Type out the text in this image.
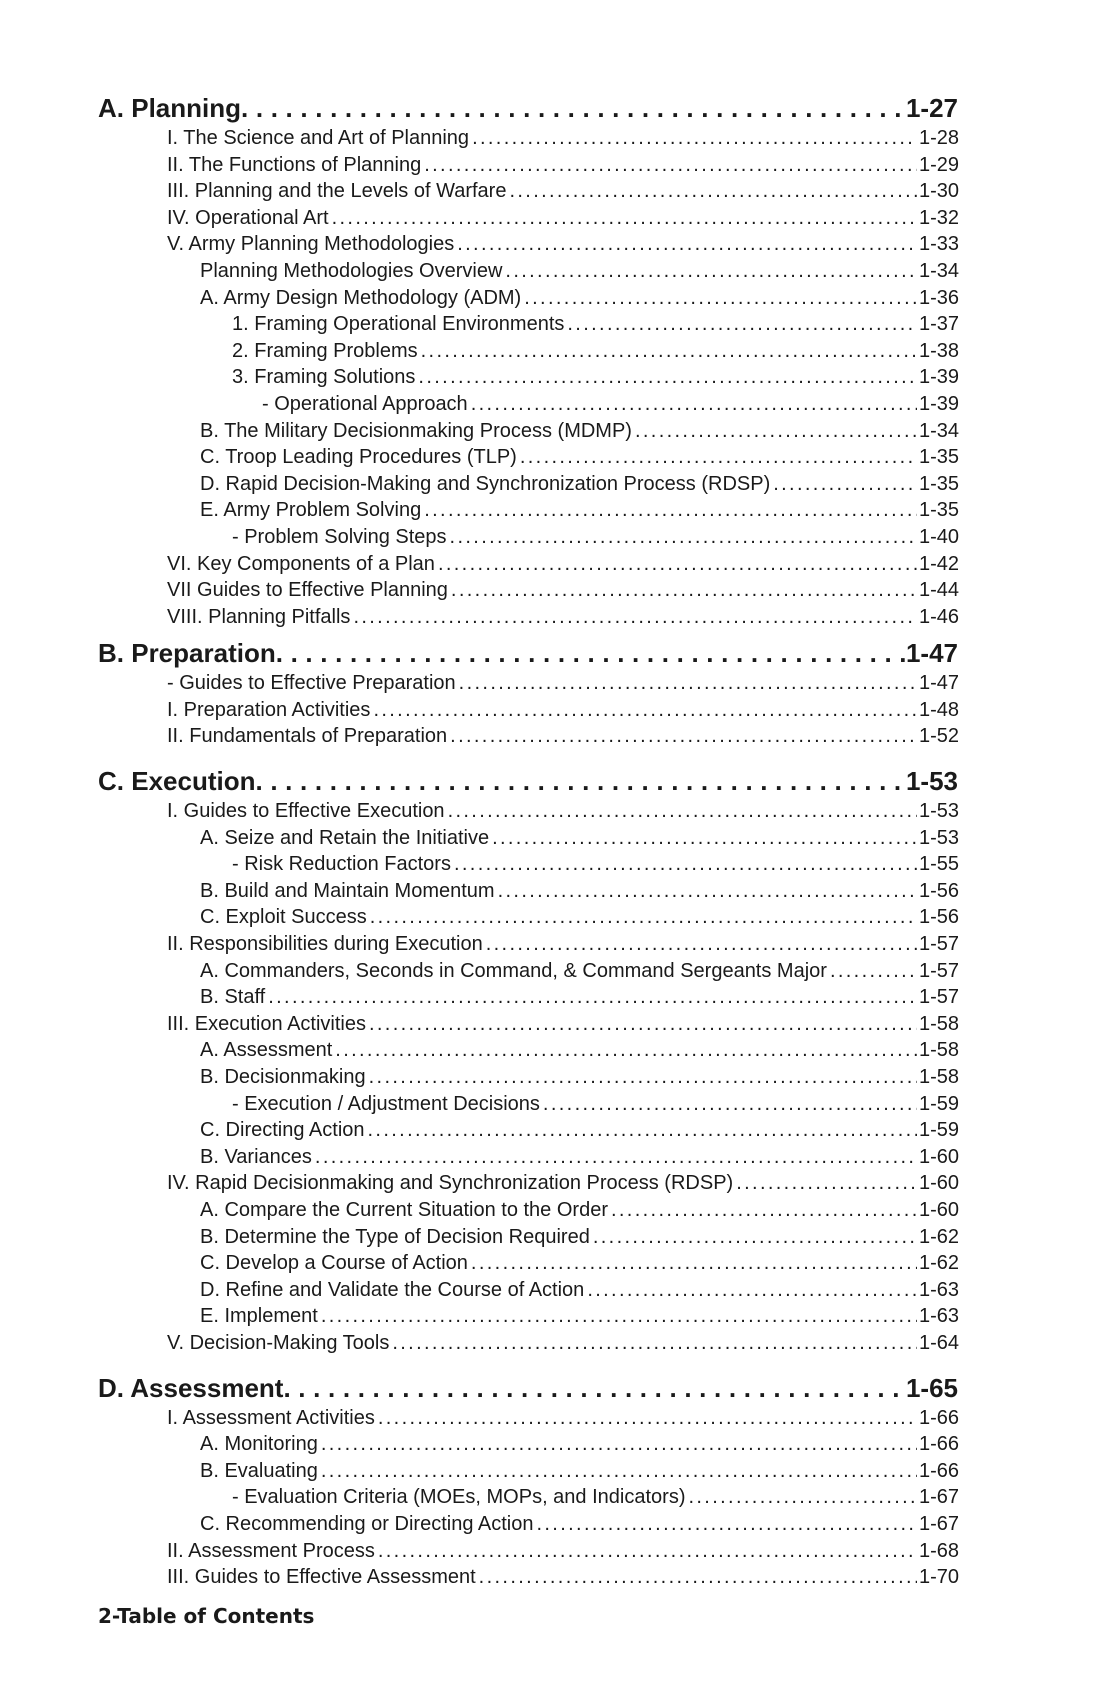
A. Planning . . .	1-27
I. The Science and Art of Planning . . .	1-28
II. The Functions of Planning . . .	1-29
III. Planning and the Levels of Warfare . . .	1-30
IV. Operational Art . . .	1-32
V. Army Planning Methodologies . . .	1-33
Planning Methodologies Overview . . .	1-34
A. Army Design Methodology (ADM) . . .	1-36
1. Framing Operational Environments . . .	1-37
2. Framing Problems . . .	1-38
3. Framing Solutions . . .	1-39
- Operational Approach . . .	1-39
B. The Military Decisionmaking Process (MDMP) . . .	1-34
C. Troop Leading Procedures (TLP) . . .	1-35
D. Rapid Decision-Making and Synchronization Process (RDSP) . . .	1-35
E. Army Problem Solving . . .	1-35
- Problem Solving Steps . . .	1-40
VI. Key Components of a Plan . . .	1-42
VII Guides to Effective Planning . . .	1-44
VIII. Planning Pitfalls . . .	1-46
B. Preparation . . .	1-47
- Guides to Effective Preparation . . .	1-47
I. Preparation Activities . . .	1-48
II. Fundamentals of Preparation . . .	1-52
C. Execution . . .	1-53
I. Guides to Effective Execution . . .	1-53
A. Seize and Retain the Initiative . . .	1-53
- Risk Reduction Factors . . .	1-55
B. Build and Maintain Momentum . . .	1-56
C. Exploit Success . . .	1-56
II. Responsibilities during Execution . . .	1-57
A. Commanders, Seconds in Command, & Command Sergeants Major . . .	1-57
B. Staff . . .	1-57
III. Execution Activities . . .	1-58
A. Assessment . . .	1-58
B. Decisionmaking . . .	1-58
- Execution / Adjustment Decisions . . .	1-59
C. Directing Action . . .	1-59
B. Variances . . .	1-60
IV. Rapid Decisionmaking and Synchronization Process (RDSP) . . .	1-60
A. Compare the Current Situation to the Order . . .	1-60
B. Determine the Type of Decision Required . . .	1-62
C. Develop a Course of Action . . .	1-62
D. Refine and Validate the Course of Action . . .	1-63
E. Implement . . .	1-63
V. Decision-Making Tools . . .	1-64
D. Assessment . . .	1-65
I. Assessment Activities . . .	1-66
A. Monitoring . . .	1-66
B. Evaluating . . .	1-66
- Evaluation Criteria (MOEs, MOPs, and Indicators) . . .	1-67
C. Recommending or Directing Action . . .	1-67
II. Assessment Process . . .	1-68
III. Guides to Effective Assessment . . .	1-70
2-Table of Contents
